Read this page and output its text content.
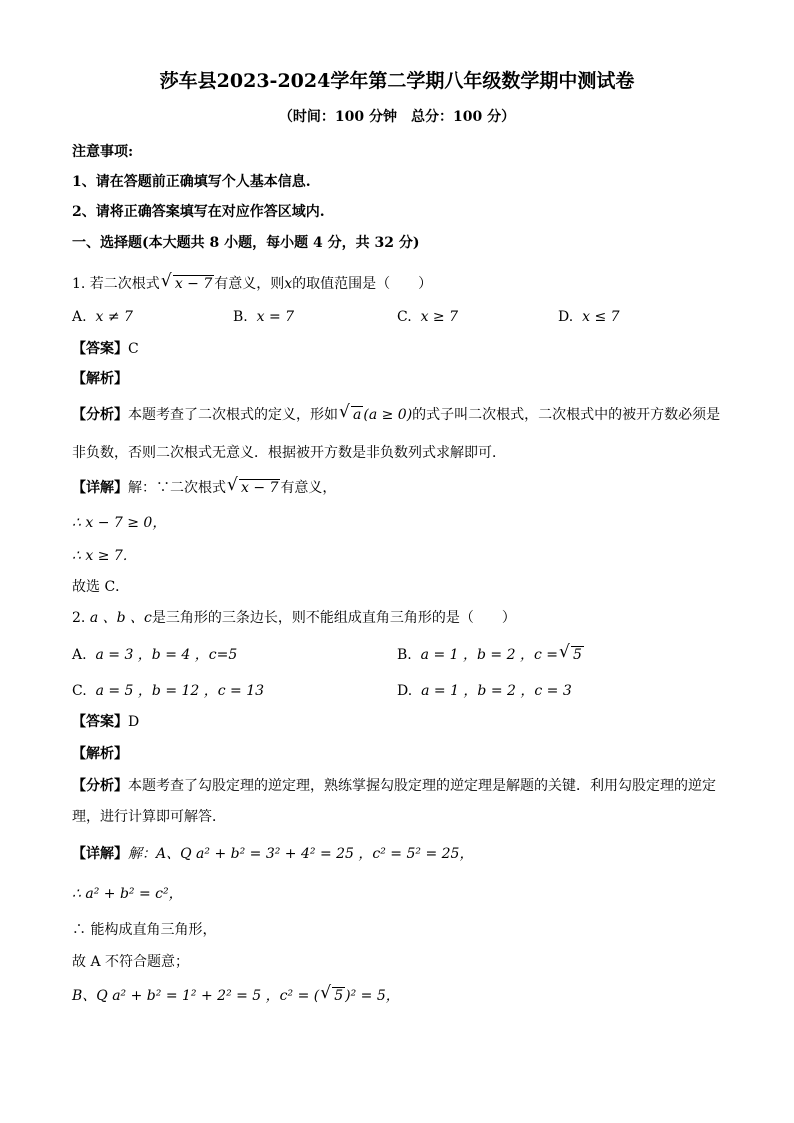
莎车县2023-2024学年第二学期八年级数学期中测试卷
（时间：100 分钟　总分：100 分）
注意事项:
1、请在答题前正确填写个人基本信息.
2、请将正确答案填写在对应作答区域内.
一、选择题(本大题共 8 小题，每小题 4 分，共 32 分)
1. 若二次根式 √ x − 7 有意义，则x的取值范围是（　　）
A. x ≠ 7	B. x = 7	C. x ≥ 7	D. x ≤ 7
【答案】C
【解析】
【分析】本题考查了二次根式的定义，形如 √ a (a ≥ 0)的式子叫二次根式，二次根式中的被开方数必须是
非负数，否则二次根式无意义．根据被开方数是非负数列式求解即可．
【详解】解：∵二次根式 √ x − 7 有意义，
∴ x − 7 ≥ 0，
∴ x ≥ 7．
故选 C．
2. a 、b 、c是三角形的三条边长，则不能组成直角三角形的是（　　）
A. a = 3 ，b = 4 ，c=5	B. a = 1 ，b = 2 ，c = √ 5
C. a = 5 ，b = 12 ，c = 13	D. a = 1 ，b = 2 ，c = 3
【答案】D
【解析】
【分析】本题考查了勾股定理的逆定理，熟练掌握勾股定理的逆定理是解题的关键．利用勾股定理的逆定
理，进行计算即可解答．
【详解】解：A、Q a² + b² = 3² + 4² = 25 ，c² = 5² = 25，
∴ a² + b² = c²，
∴ 能构成直角三角形，
故 A 不符合题意；
B、Q a² + b² = 1² + 2² = 5 ，c² = ( √ 5 )² = 5，
